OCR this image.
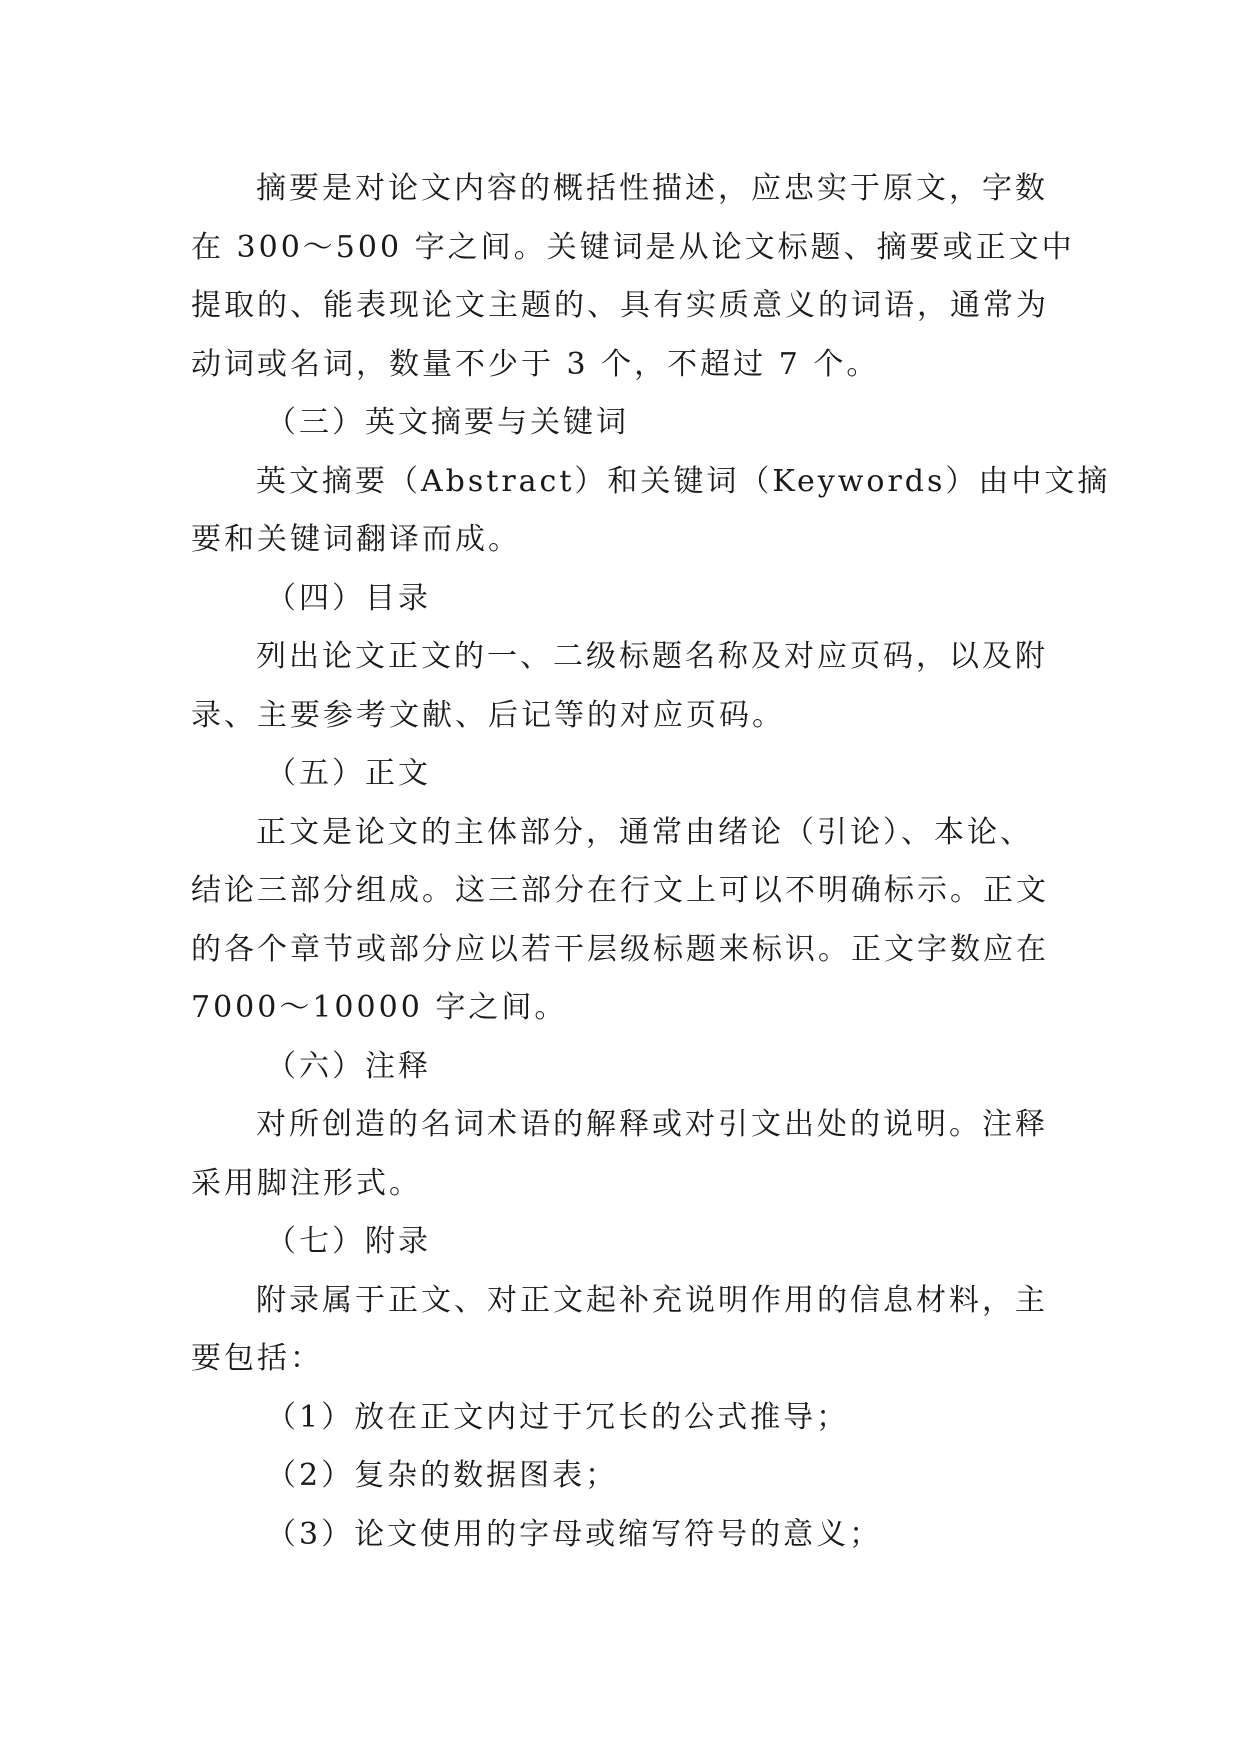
摘要是对论文内容的概括性描述，应忠实于原文，字数

在 300～500 字之间。关键词是从论文标题、摘要或正文中

提取的、能表现论文主题的、具有实质意义的词语，通常为

动词或名词，数量不少于 3 个，不超过 7 个。

（三）英文摘要与关键词

英文摘要（Abstract）和关键词（Keywords）由中文摘

要和关键词翻译而成。

（四）目录

列出论文正文的一、二级标题名称及对应页码，以及附

录、主要参考文献、后记等的对应页码。

（五）正文

正文是论文的主体部分，通常由绪论（引论）、本论、

结论三部分组成。这三部分在行文上可以不明确标示。正文

的各个章节或部分应以若干层级标题来标识。正文字数应在

7000～10000 字之间。

（六）注释

对所创造的名词术语的解释或对引文出处的说明。注释

采用脚注形式。

（七）附录

附录属于正文、对正文起补充说明作用的信息材料，主

要包括：

（1）放在正文内过于冗长的公式推导；

（2）复杂的数据图表；

（3）论文使用的字母或缩写符号的意义；
